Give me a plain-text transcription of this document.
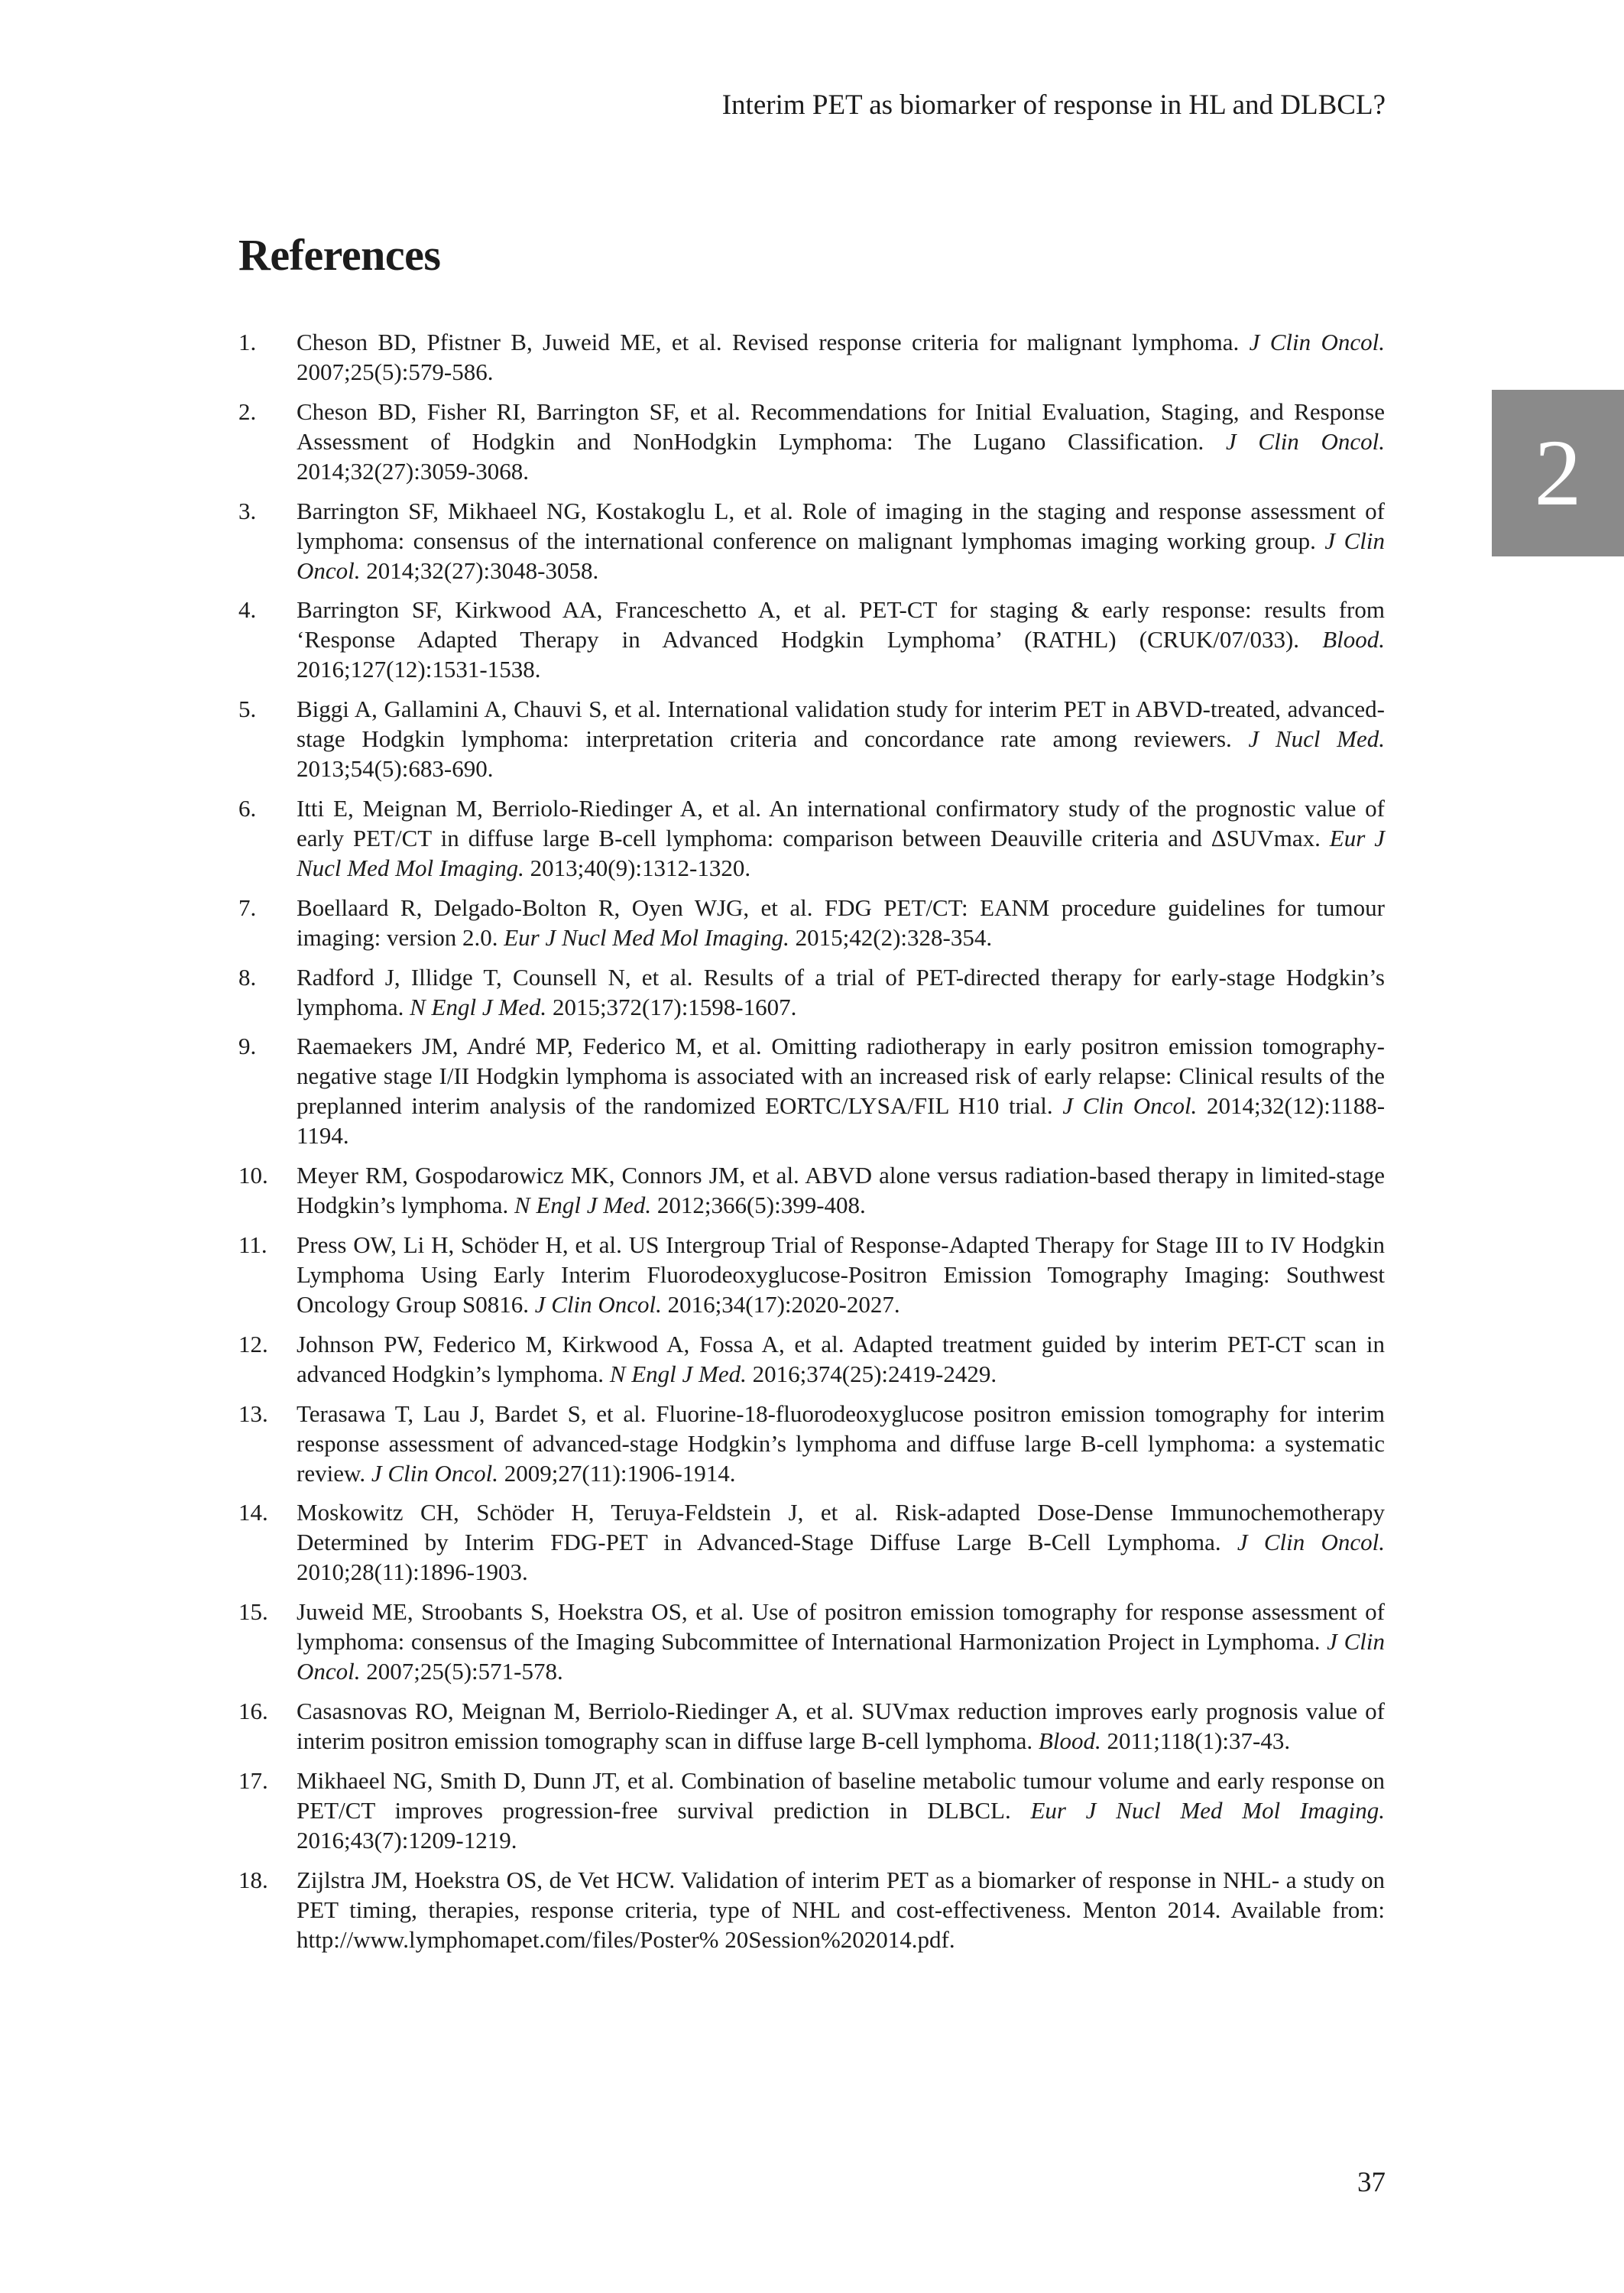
Interim PET as biomarker of response in HL and DLBCL?
2
References
1.	Cheson BD, Pfistner B, Juweid ME, et al. Revised response criteria for malignant lymphoma. J Clin Oncol. 2007;25(5):579-586.
2.	Cheson BD, Fisher RI, Barrington SF, et al. Recommendations for Initial Evaluation, Staging, and Response Assessment of Hodgkin and NonHodgkin Lymphoma: The Lugano Classification. J Clin Oncol. 2014;32(27):3059-3068.
3.	Barrington SF, Mikhaeel NG, Kostakoglu L, et al. Role of imaging in the staging and response assessment of lymphoma: consensus of the international conference on malignant lymphomas imaging working group. J Clin Oncol. 2014;32(27):3048-3058.
4.	Barrington SF, Kirkwood AA, Franceschetto A, et al. PET-CT for staging & early response: results from ‘Response Adapted Therapy in Advanced Hodgkin Lymphoma’ (RATHL) (CRUK/07/033). Blood. 2016;127(12):1531-1538.
5.	Biggi A, Gallamini A, Chauvi S, et al. International validation study for interim PET in ABVD-treated, advanced-stage Hodgkin lymphoma: interpretation criteria and concordance rate among reviewers. J Nucl Med. 2013;54(5):683-690.
6.	Itti E, Meignan M, Berriolo-Riedinger A, et al. An international confirmatory study of the prognostic value of early PET/CT in diffuse large B-cell lymphoma: comparison between Deauville criteria and ΔSUVmax. Eur J Nucl Med Mol Imaging. 2013;40(9):1312-1320.
7.	Boellaard R, Delgado-Bolton R, Oyen WJG, et al. FDG PET/CT: EANM procedure guidelines for tumour imaging: version 2.0. Eur J Nucl Med Mol Imaging. 2015;42(2):328-354.
8.	Radford J, Illidge T, Counsell N, et al. Results of a trial of PET-directed therapy for early-stage Hodgkin’s lymphoma. N Engl J Med. 2015;372(17):1598-1607.
9.	Raemaekers JM, André MP, Federico M, et al. Omitting radiotherapy in early positron emission tomography-negative stage I/II Hodgkin lymphoma is associated with an increased risk of early relapse: Clinical results of the preplanned interim analysis of the randomized EORTC/LYSA/FIL H10 trial. J Clin Oncol. 2014;32(12):1188-1194.
10.	Meyer RM, Gospodarowicz MK, Connors JM, et al. ABVD alone versus radiation-based therapy in limited-stage Hodgkin’s lymphoma. N Engl J Med. 2012;366(5):399-408.
11.	Press OW, Li H, Schöder H, et al. US Intergroup Trial of Response-Adapted Therapy for Stage III to IV Hodgkin Lymphoma Using Early Interim Fluorodeoxyglucose-Positron Emission Tomography Imaging: Southwest Oncology Group S0816. J Clin Oncol. 2016;34(17):2020-2027.
12.	Johnson PW, Federico M, Kirkwood A, Fossa A, et al. Adapted treatment guided by interim PET-CT scan in advanced Hodgkin’s lymphoma. N Engl J Med. 2016;374(25):2419-2429.
13.	Terasawa T, Lau J, Bardet S, et al. Fluorine-18-fluorodeoxyglucose positron emission tomography for interim response assessment of advanced-stage Hodgkin’s lymphoma and diffuse large B-cell lymphoma: a systematic review. J Clin Oncol. 2009;27(11):1906-1914.
14.	Moskowitz CH, Schöder H, Teruya-Feldstein J, et al. Risk-adapted Dose-Dense Immunochemotherapy Determined by Interim FDG-PET in Advanced-Stage Diffuse Large B-Cell Lymphoma. J Clin Oncol. 2010;28(11):1896-1903.
15.	Juweid ME, Stroobants S, Hoekstra OS, et al. Use of positron emission tomography for response assessment of lymphoma: consensus of the Imaging Subcommittee of International Harmonization Project in Lymphoma. J Clin Oncol. 2007;25(5):571-578.
16.	Casasnovas RO, Meignan M, Berriolo-Riedinger A, et al. SUVmax reduction improves early prognosis value of interim positron emission tomography scan in diffuse large B-cell lymphoma. Blood. 2011;118(1):37-43.
17.	Mikhaeel NG, Smith D, Dunn JT, et al. Combination of baseline metabolic tumour volume and early response on PET/CT improves progression-free survival prediction in DLBCL. Eur J Nucl Med Mol Imaging. 2016;43(7):1209-1219.
18.	Zijlstra JM, Hoekstra OS, de Vet HCW. Validation of interim PET as a biomarker of response in NHL- a study on PET timing, therapies, response criteria, type of NHL and cost-effectiveness. Menton 2014. Available from: http://www.lymphomapet.com/files/Poster% 20Session%202014.pdf.
37
